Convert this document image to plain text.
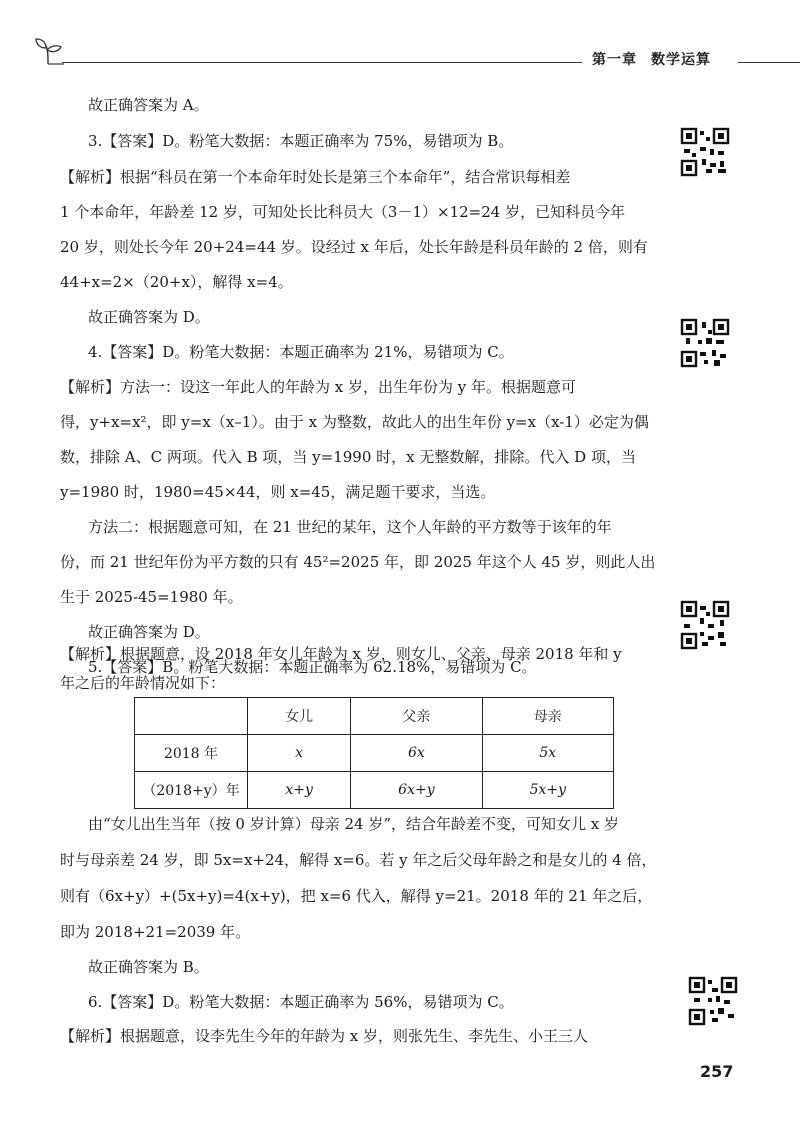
第一章 数学运算
故正确答案为 A。
3.【答案】D。粉笔大数据：本题正确率为 75%，易错项为 B。
【解析】根据“科员在第一个本命年时处长是第三个本命年”，结合常识每相差
1 个本命年，年龄差 12 岁，可知处长比科员大（3－1）×12=24 岁，已知科员今年
20 岁，则处长今年 20+24=44 岁。设经过 x 年后，处长年龄是科员年龄的 2 倍，则有
44+x=2×（20+x），解得 x=4。
故正确答案为 D。
4.【答案】D。粉笔大数据：本题正确率为 21%，易错项为 C。
【解析】方法一：设这一年此人的年龄为 x 岁，出生年份为 y 年。根据题意可
得，y+x=x²，即 y=x（x–1）。由于 x 为整数，故此人的出生年份 y=x（x-1）必定为偶
数，排除 A、C 两项。代入 B 项，当 y=1990 时，x 无整数解，排除。代入 D 项，当
y=1980 时，1980=45×44，则 x=45，满足题干要求，当选。
方法二：根据题意可知，在 21 世纪的某年，这个人年龄的平方数等于该年的年
份，而 21 世纪年份为平方数的只有 45²=2025 年，即 2025 年这个人 45 岁，则此人出
生于 2025-45=1980 年。
故正确答案为 D。
5.【答案】B。粉笔大数据：本题正确率为 62.18%，易错项为 C。
	女儿	父亲	母亲
2018 年	x	6x	5x
（2018+y）年	x+y	6x+y	5x+y
【解析】根据题意，设 2018 年女儿年龄为 x 岁，则女儿、父亲、母亲 2018 年和 y
由“女儿出生当年（按 0 岁计算）母亲 24 岁”，结合年龄差不变，可知女儿 x 岁
时与母亲差 24 岁，即 5x=x+24，解得 x=6。若 y 年之后父母年龄之和是女儿的 4 倍，
则有（6x+y）+(5x+y)=4(x+y)，把 x=6 代入，解得 y=21。2018 年的 21 年之后，
即为 2018+21=2039 年。
故正确答案为 B。
6.【答案】D。粉笔大数据：本题正确率为 56%，易错项为 C。
【解析】根据题意，设李先生今年的年龄为 x 岁，则张先生、李先生、小王三人
年之后的年龄情况如下：
257
